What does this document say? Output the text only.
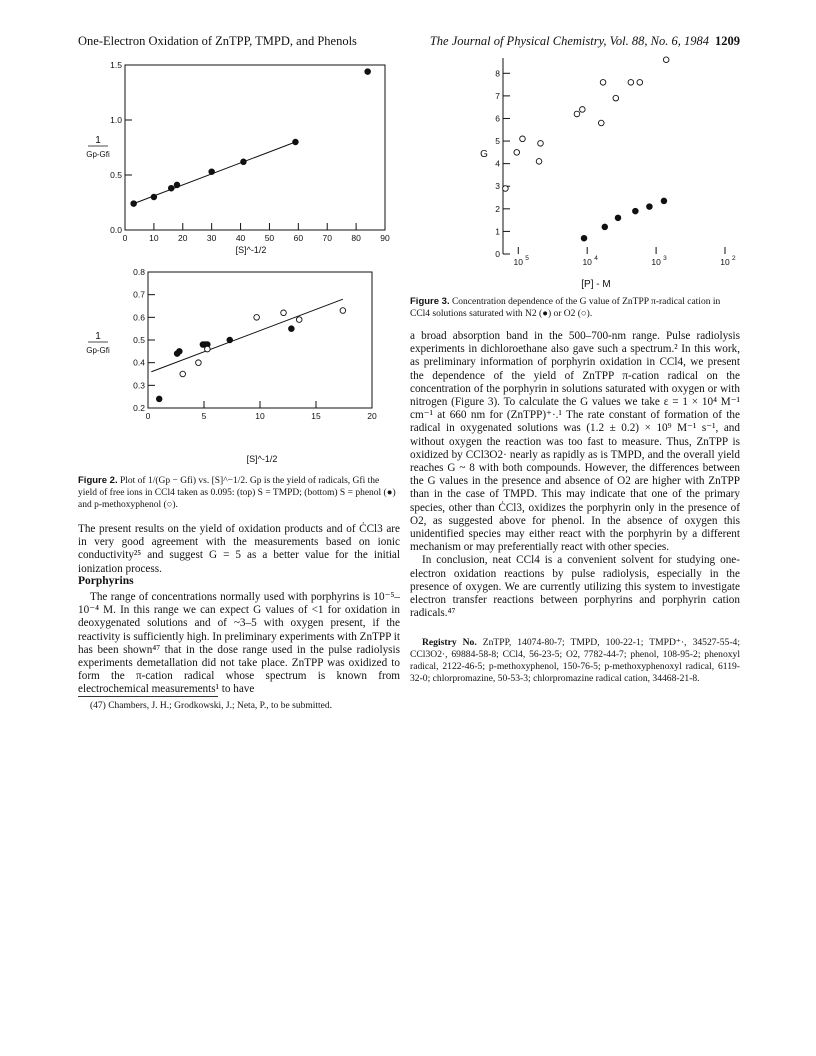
One-Electron Oxidation of ZnTPP, TMPD, and Phenols	The Journal of Physical Chemistry, Vol. 88, No. 6, 1984 1209
0.0
0.5
1.0
1.5
0	10 20 30 40 50 60 70 80 90
1
Gp-Gfi
[S]^-1/2
0.2
0.3
0.4
0.5
0.6
0.7
0.8
0	5	10	15	20
1
Gp-Gfi
[S]^-1/2
0
1
2
3
4
5
6
7
8
10 5	10 4	10 3	10 2
G
[P] - M
Figure 2. Plot of 1/(Gp − Gfi) vs. [S]^−1/2. Gp is the yield of radicals, Gfi the yield of free ions in CCl4 taken as 0.095: (top) S = TMPD; (bottom) S = phenol (●) and p-methoxyphenol (○).
Figure 3. Concentration dependence of the G value of ZnTPP π-radical cation in CCl4 solutions saturated with N2 (●) or O2 (○).

The present results on the yield of oxidation products and of ĊCl3 are in very good agreement with the measurements based on ionic conductivity²⁵ and suggest G = 5 as a better value for the initial ionization process.

Porphyrins

The range of concentrations normally used with porphyrins is 10⁻⁵–10⁻⁴ M. In this range we can expect G values of <1 for oxidation in deoxygenated solutions and of ~3–5 with oxygen present, if the reactivity is sufficiently high. In preliminary experiments with ZnTPP it has been shown⁴⁷ that in the dose range used in the pulse radiolysis experiments demetallation did not take place. ZnTPP was oxidized to form the π-cation radical whose spectrum is known from electrochemical measurements¹ to have

(47) Chambers, J. H.; Grodkowski, J.; Neta, P., to be submitted.

a broad absorption band in the 500–700-nm range. Pulse radiolysis experiments in dichloroethane also gave such a spectrum.² In this work, as preliminary information of porphyrin oxidation in CCl4, we present the dependence of the yield of ZnTPP π-cation radical on the concentration of the porphyrin in solutions saturated with oxygen or with nitrogen (Figure 3). To calculate the G values we take ε = 1 × 10⁴ M⁻¹ cm⁻¹ at 660 nm for (ZnTPP)⁺·.¹ The rate constant of formation of the radical in oxygenated solutions was (1.2 ± 0.2) × 10⁹ M⁻¹ s⁻¹, and without oxygen the reaction was too fast to measure. Thus, ZnTPP is oxidized by CCl3O2· nearly as rapidly as is TMPD, and the overall yield reaches G ~ 8 with both compounds. However, the differences between the G values in the presence and absence of O2 are higher with ZnTPP than in the case of TMPD. This may indicate that one of the primary species, other than ĊCl3, oxidizes the porphyrin only in the presence of O2, as suggested above for phenol. In the absence of oxygen this unidentified species may either react with the porphyrin by a different mechanism or may preferentially react with other species.

In conclusion, neat CCl4 is a convenient solvent for studying one-electron oxidation reactions by pulse radiolysis, especially in the presence of oxygen. We are currently utilizing this system to investigate electron transfer reactions between porphyrins and porphyrin cation radicals.⁴⁷

Registry No. ZnTPP, 14074-80-7; TMPD, 100-22-1; TMPD⁺·, 34527-55-4; CCl3O2·, 69884-58-8; CCl4, 56-23-5; O2, 7782-44-7; phenol, 108-95-2; phenoxyl radical, 2122-46-5; p-methoxyphenol, 150-76-5; p-methoxyphenoxyl radical, 6119-32-0; chlorpromazine, 50-53-3; chlorpromazine radical cation, 34468-21-8.
